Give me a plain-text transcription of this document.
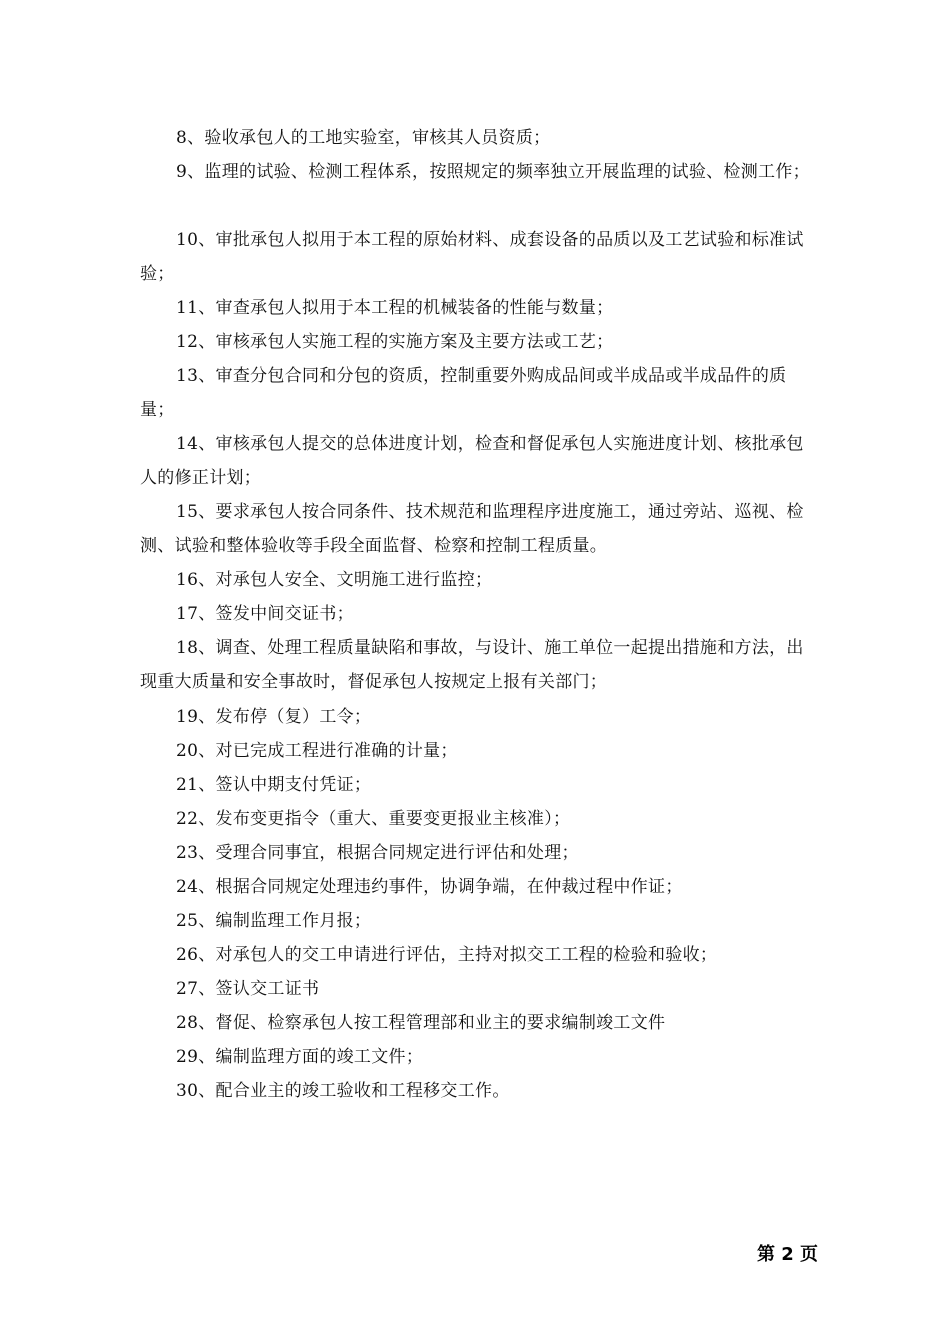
8、验收承包人的工地实验室，审核其人员资质；

9、监理的试验、检测工程体系，按照规定的频率独立开展监理的试验、检测工作；

10、审批承包人拟用于本工程的原始材料、成套设备的品质以及工艺试验和标准试验；

11、审查承包人拟用于本工程的机械装备的性能与数量；

12、审核承包人实施工程的实施方案及主要方法或工艺；

13、审查分包合同和分包的资质，控制重要外购成品间或半成品或半成品件的质量；

14、审核承包人提交的总体进度计划，检查和督促承包人实施进度计划、核批承包人的修正计划；

15、要求承包人按合同条件、技术规范和监理程序进度施工，通过旁站、巡视、检测、试验和整体验收等手段全面监督、检察和控制工程质量。

16、对承包人安全、文明施工进行监控；

17、签发中间交证书；

18、调查、处理工程质量缺陷和事故，与设计、施工单位一起提出措施和方法，出现重大质量和安全事故时，督促承包人按规定上报有关部门；

19、发布停（复）工令；

20、对已完成工程进行准确的计量；

21、签认中期支付凭证；

22、发布变更指令（重大、重要变更报业主核准）；

23、受理合同事宜，根据合同规定进行评估和处理；

24、根据合同规定处理违约事件，协调争端，在仲裁过程中作证；

25、编制监理工作月报；

26、对承包人的交工申请进行评估，主持对拟交工工程的检验和验收；

27、签认交工证书

28、督促、检察承包人按工程管理部和业主的要求编制竣工文件

29、编制监理方面的竣工文件；

30、配合业主的竣工验收和工程移交工作。

第 2 页
